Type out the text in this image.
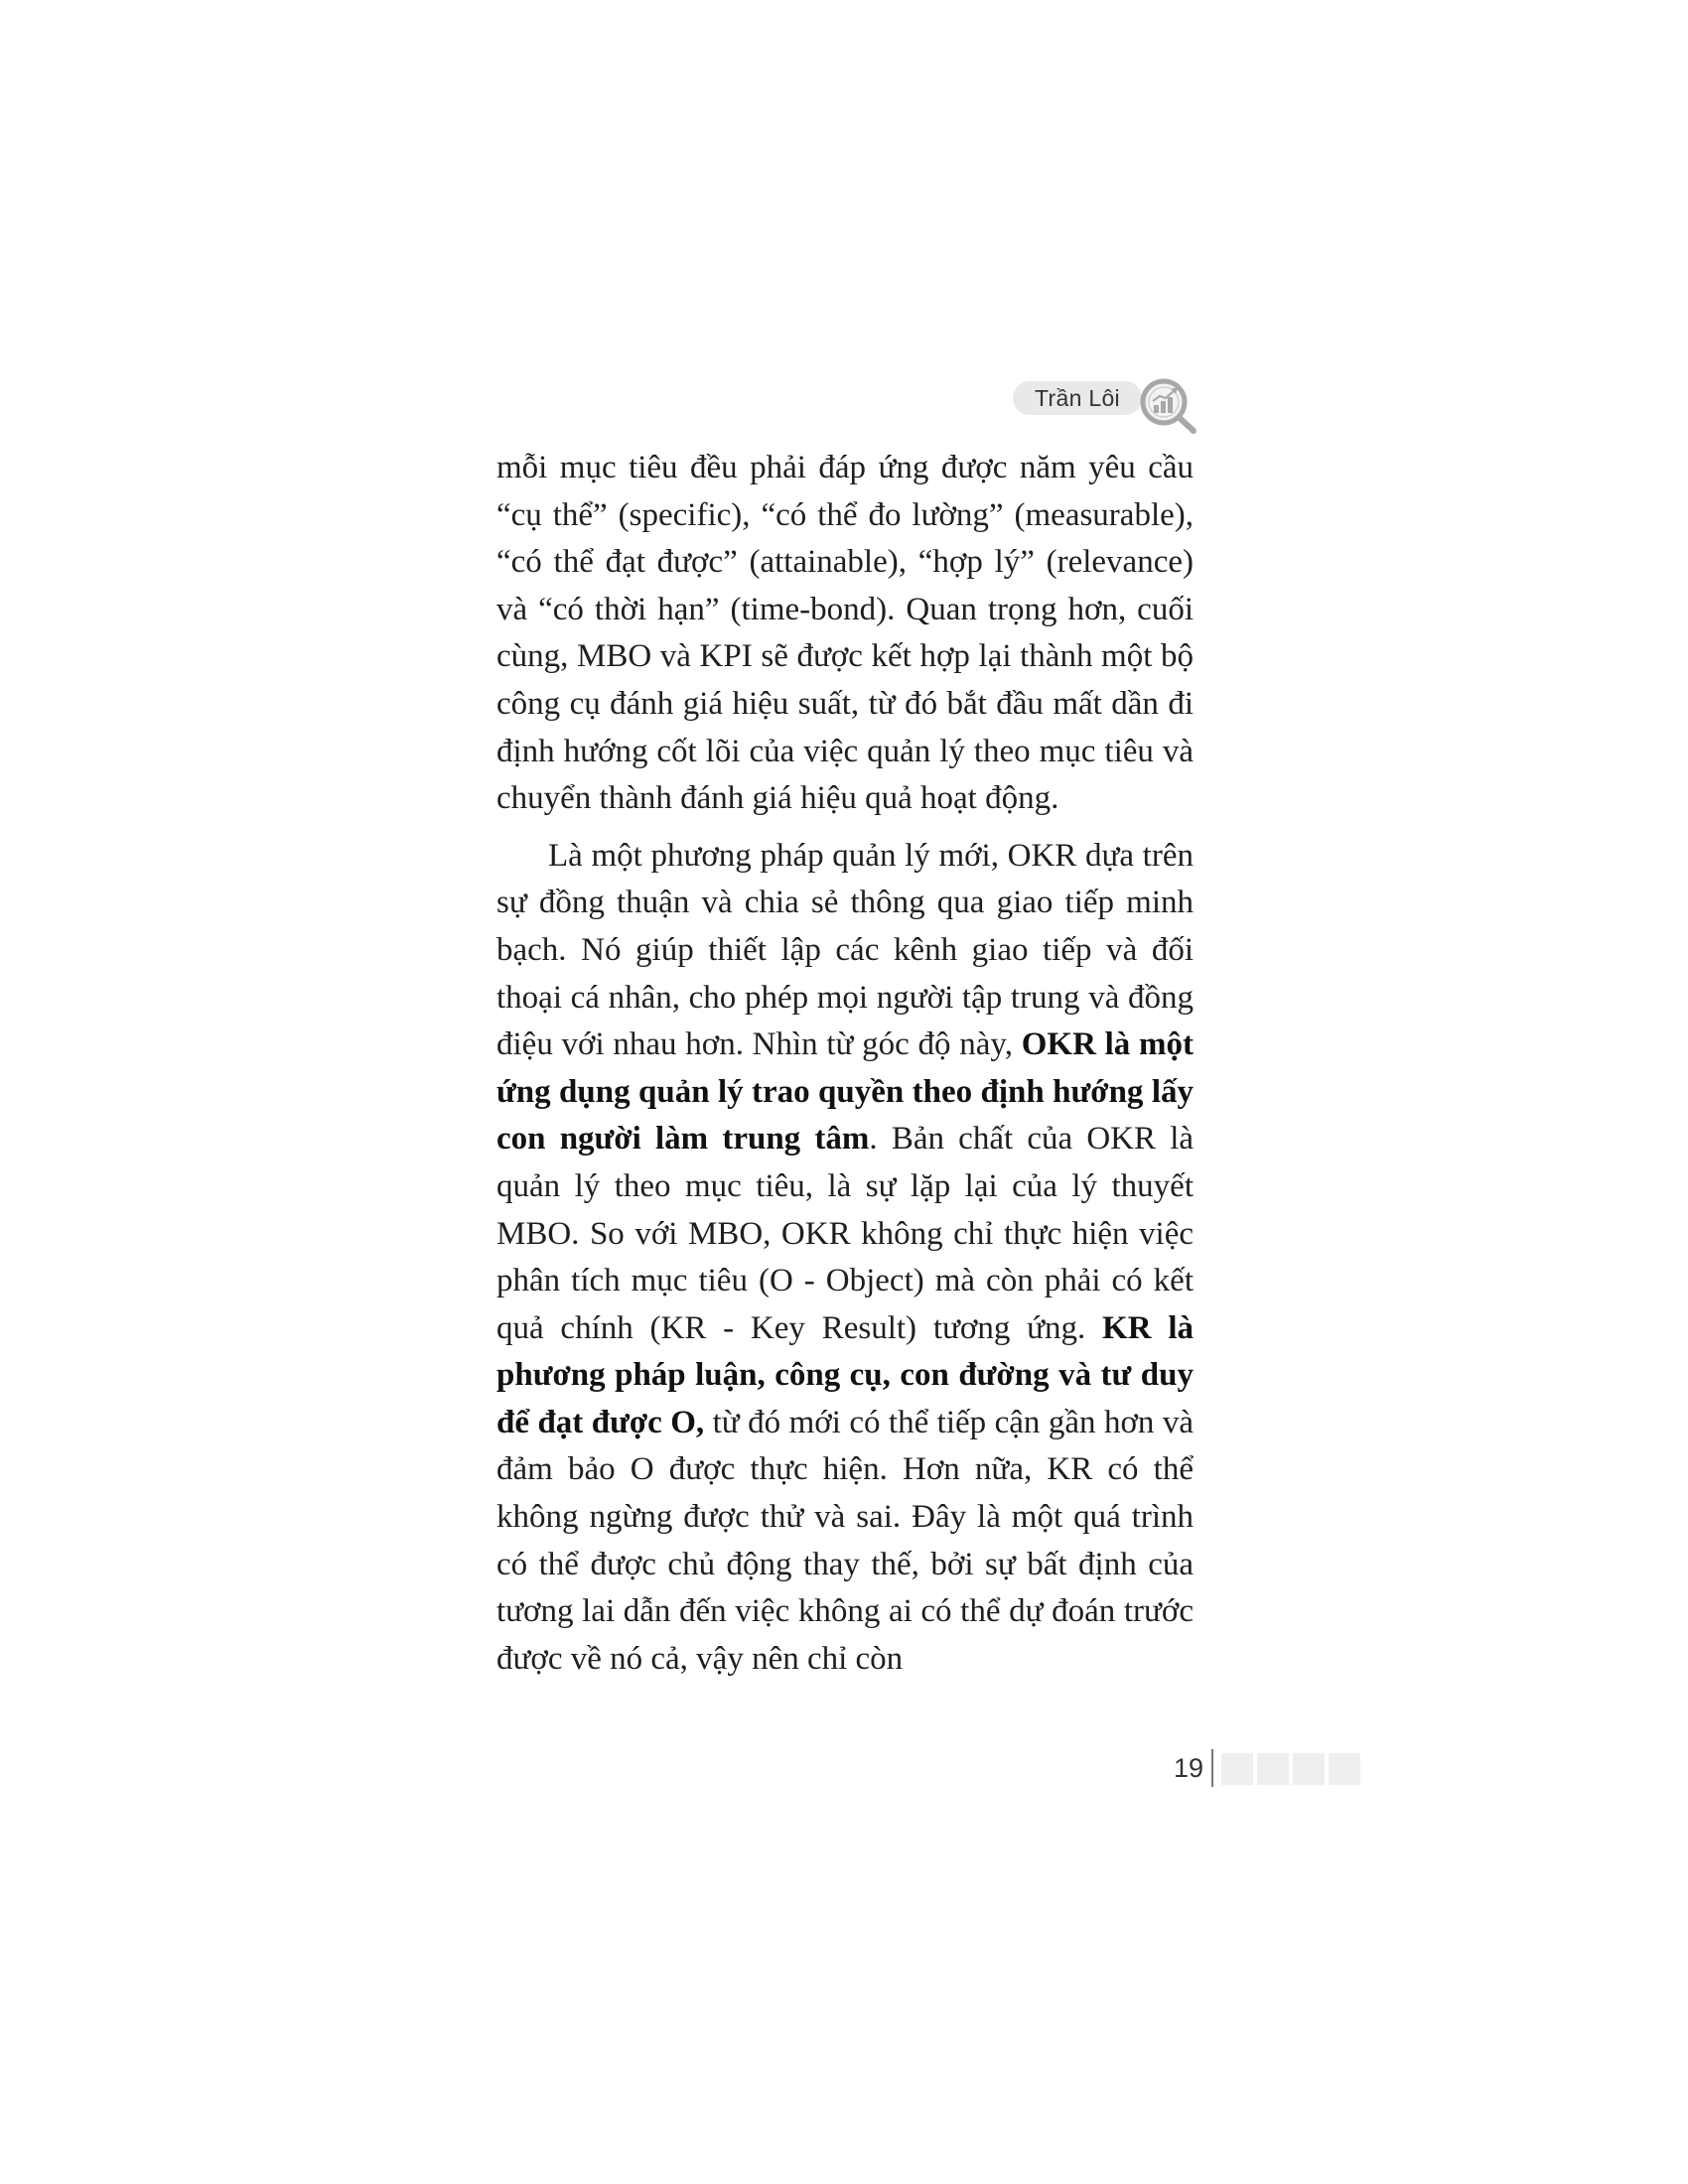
Trần Lôi

mỗi mục tiêu đều phải đáp ứng được năm yêu cầu “cụ thể” (specific), “có thể đo lường” (measurable), “có thể đạt được” (attainable), “hợp lý” (relevance) và “có thời hạn” (time-bond). Quan trọng hơn, cuối cùng, MBO và KPI sẽ được kết hợp lại thành một bộ công cụ đánh giá hiệu suất, từ đó bắt đầu mất dần đi định hướng cốt lõi của việc quản lý theo mục tiêu và chuyển thành đánh giá hiệu quả hoạt động.

Là một phương pháp quản lý mới, OKR dựa trên sự đồng thuận và chia sẻ thông qua giao tiếp minh bạch. Nó giúp thiết lập các kênh giao tiếp và đối thoại cá nhân, cho phép mọi người tập trung và đồng điệu với nhau hơn. Nhìn từ góc độ này, OKR là một ứng dụng quản lý trao quyền theo định hướng lấy con người làm trung tâm. Bản chất của OKR là quản lý theo mục tiêu, là sự lặp lại của lý thuyết MBO. So với MBO, OKR không chỉ thực hiện việc phân tích mục tiêu (O - Object) mà còn phải có kết quả chính (KR - Key Result) tương ứng. KR là phương pháp luận, công cụ, con đường và tư duy để đạt được O, từ đó mới có thể tiếp cận gần hơn và đảm bảo O được thực hiện. Hơn nữa, KR có thể không ngừng được thử và sai. Đây là một quá trình có thể được chủ động thay thế, bởi sự bất định của tương lai dẫn đến việc không ai có thể dự đoán trước được về nó cả, vậy nên chỉ còn

19
